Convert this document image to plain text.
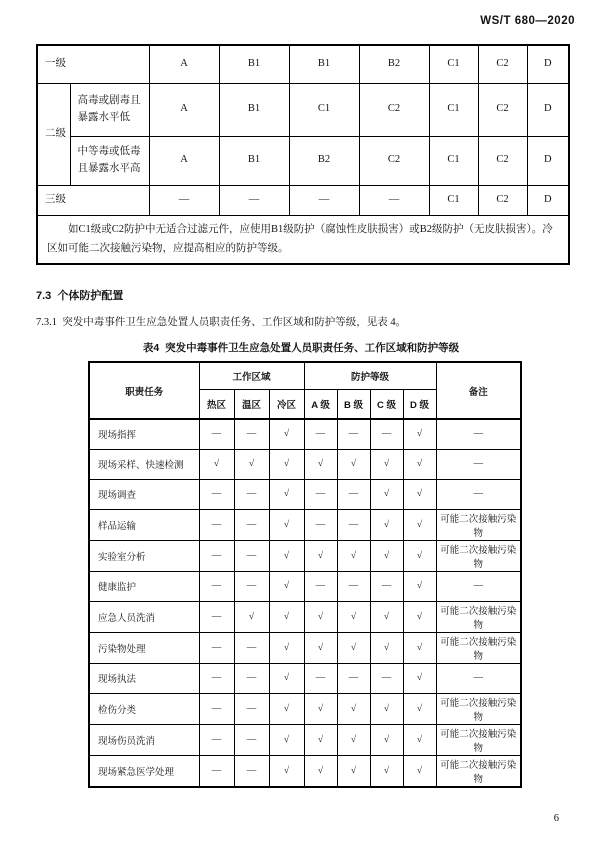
WS/T 680—2020
一级		A	B1	B1	B2	C1	C2	D
二级	高毒或剧毒且暴露水平低	A	B1	C1	C2	C1	C2	D
	中等毒或低毒且暴露水平高	A	B1	B2	C2	C1	C2	D
三级		—	—	—	—	C1	C2	D

如C1级或C2防护中无适合过滤元件，应使用B1级防护（腐蚀性皮肤损害）或B2级防护（无皮肤损害）。冷区如可能二次接触污染物，应提高相应的防护等级。								
7.3  个体防护配置
7.3.1  突发中毒事件卫生应急处置人员职责任务、工作区域和防护等级，见表 4。
表4  突发中毒事件卫生应急处置人员职责任务、工作区域和防护等级
职责任务	工作区域			防护等级				备注
	热区	温区	冷区	A 级	B 级	C 级	D 级	
现场指挥	—	—	√	—	—	—	√	—
现场采样、快速检测	√	√	√	√	√	√	√	—
现场调查	—	—	√	—	—	√	√	—
样品运输	—	—	√	—	—	√	√	可能二次接触污染物
实验室分析	—	—	√	√	√	√	√	可能二次接触污染物
健康监护	—	—	√	—	—	—	√	—
应急人员洗消	—	√	√	√	√	√	√	可能二次接触污染物
污染物处理	—	—	√	√	√	√	√	可能二次接触污染物
现场执法	—	—	√	—	—	—	√	—
检伤分类	—	—	√	√	√	√	√	可能二次接触污染物
现场伤员洗消	—	—	√	√	√	√	√	可能二次接触污染物
现场紧急医学处理	—	—	√	√	√	√	√	可能二次接触污染物
6
